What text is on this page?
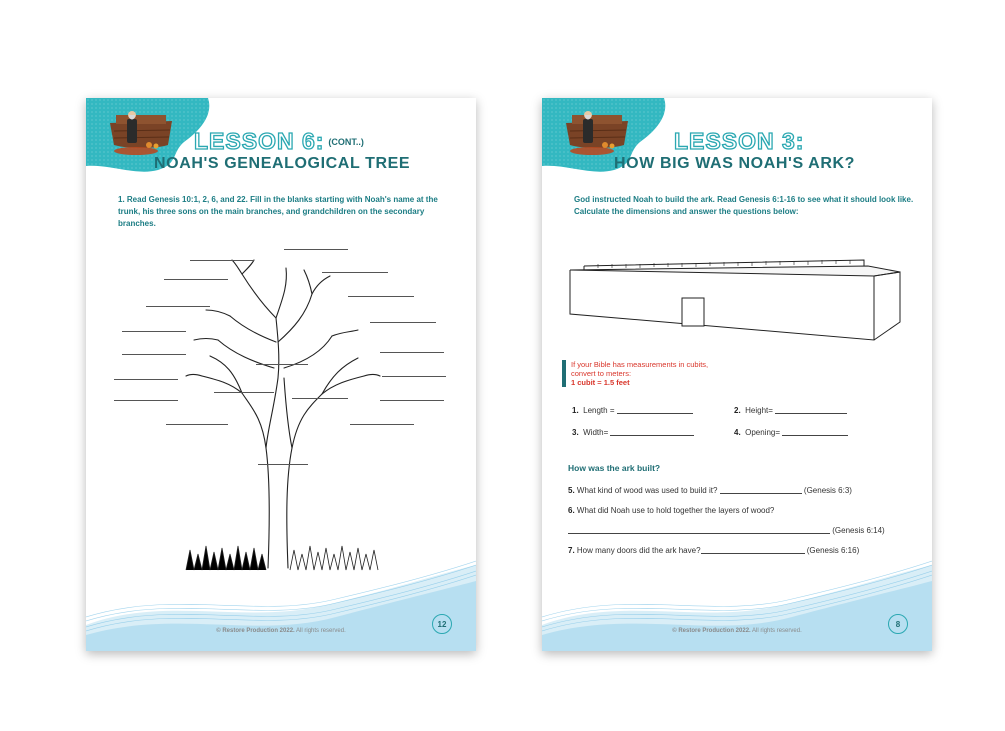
LESSON 6: (CONT..)
NOAH'S GENEALOGICAL TREE
1. Read Genesis 10:1, 2, 6, and 22. Fill in the blanks starting with Noah's name at the trunk, his three sons on the main branches, and grandchildren on the secondary branches.
© Restore Production 2022. All rights reserved.
12
LESSON 3:
HOW BIG WAS NOAH'S ARK?
God instructed Noah to build the ark. Read Genesis 6:1-16 to see what it should look like. Calculate the dimensions and answer the questions below:
If your Bible has measurements in cubits,
convert to meters:
1 cubit = 1.5 feet
1. Length =	2. Height=
3. Width=	4. Opening=
How was the ark built?
5. What kind of wood was used to build it?	(Genesis 6:3)
6. What did Noah use to hold together the layers of wood?
(Genesis 6:14)
7. How many doors did the ark have?	(Genesis 6:16)
© Restore Production 2022. All rights reserved.
8
